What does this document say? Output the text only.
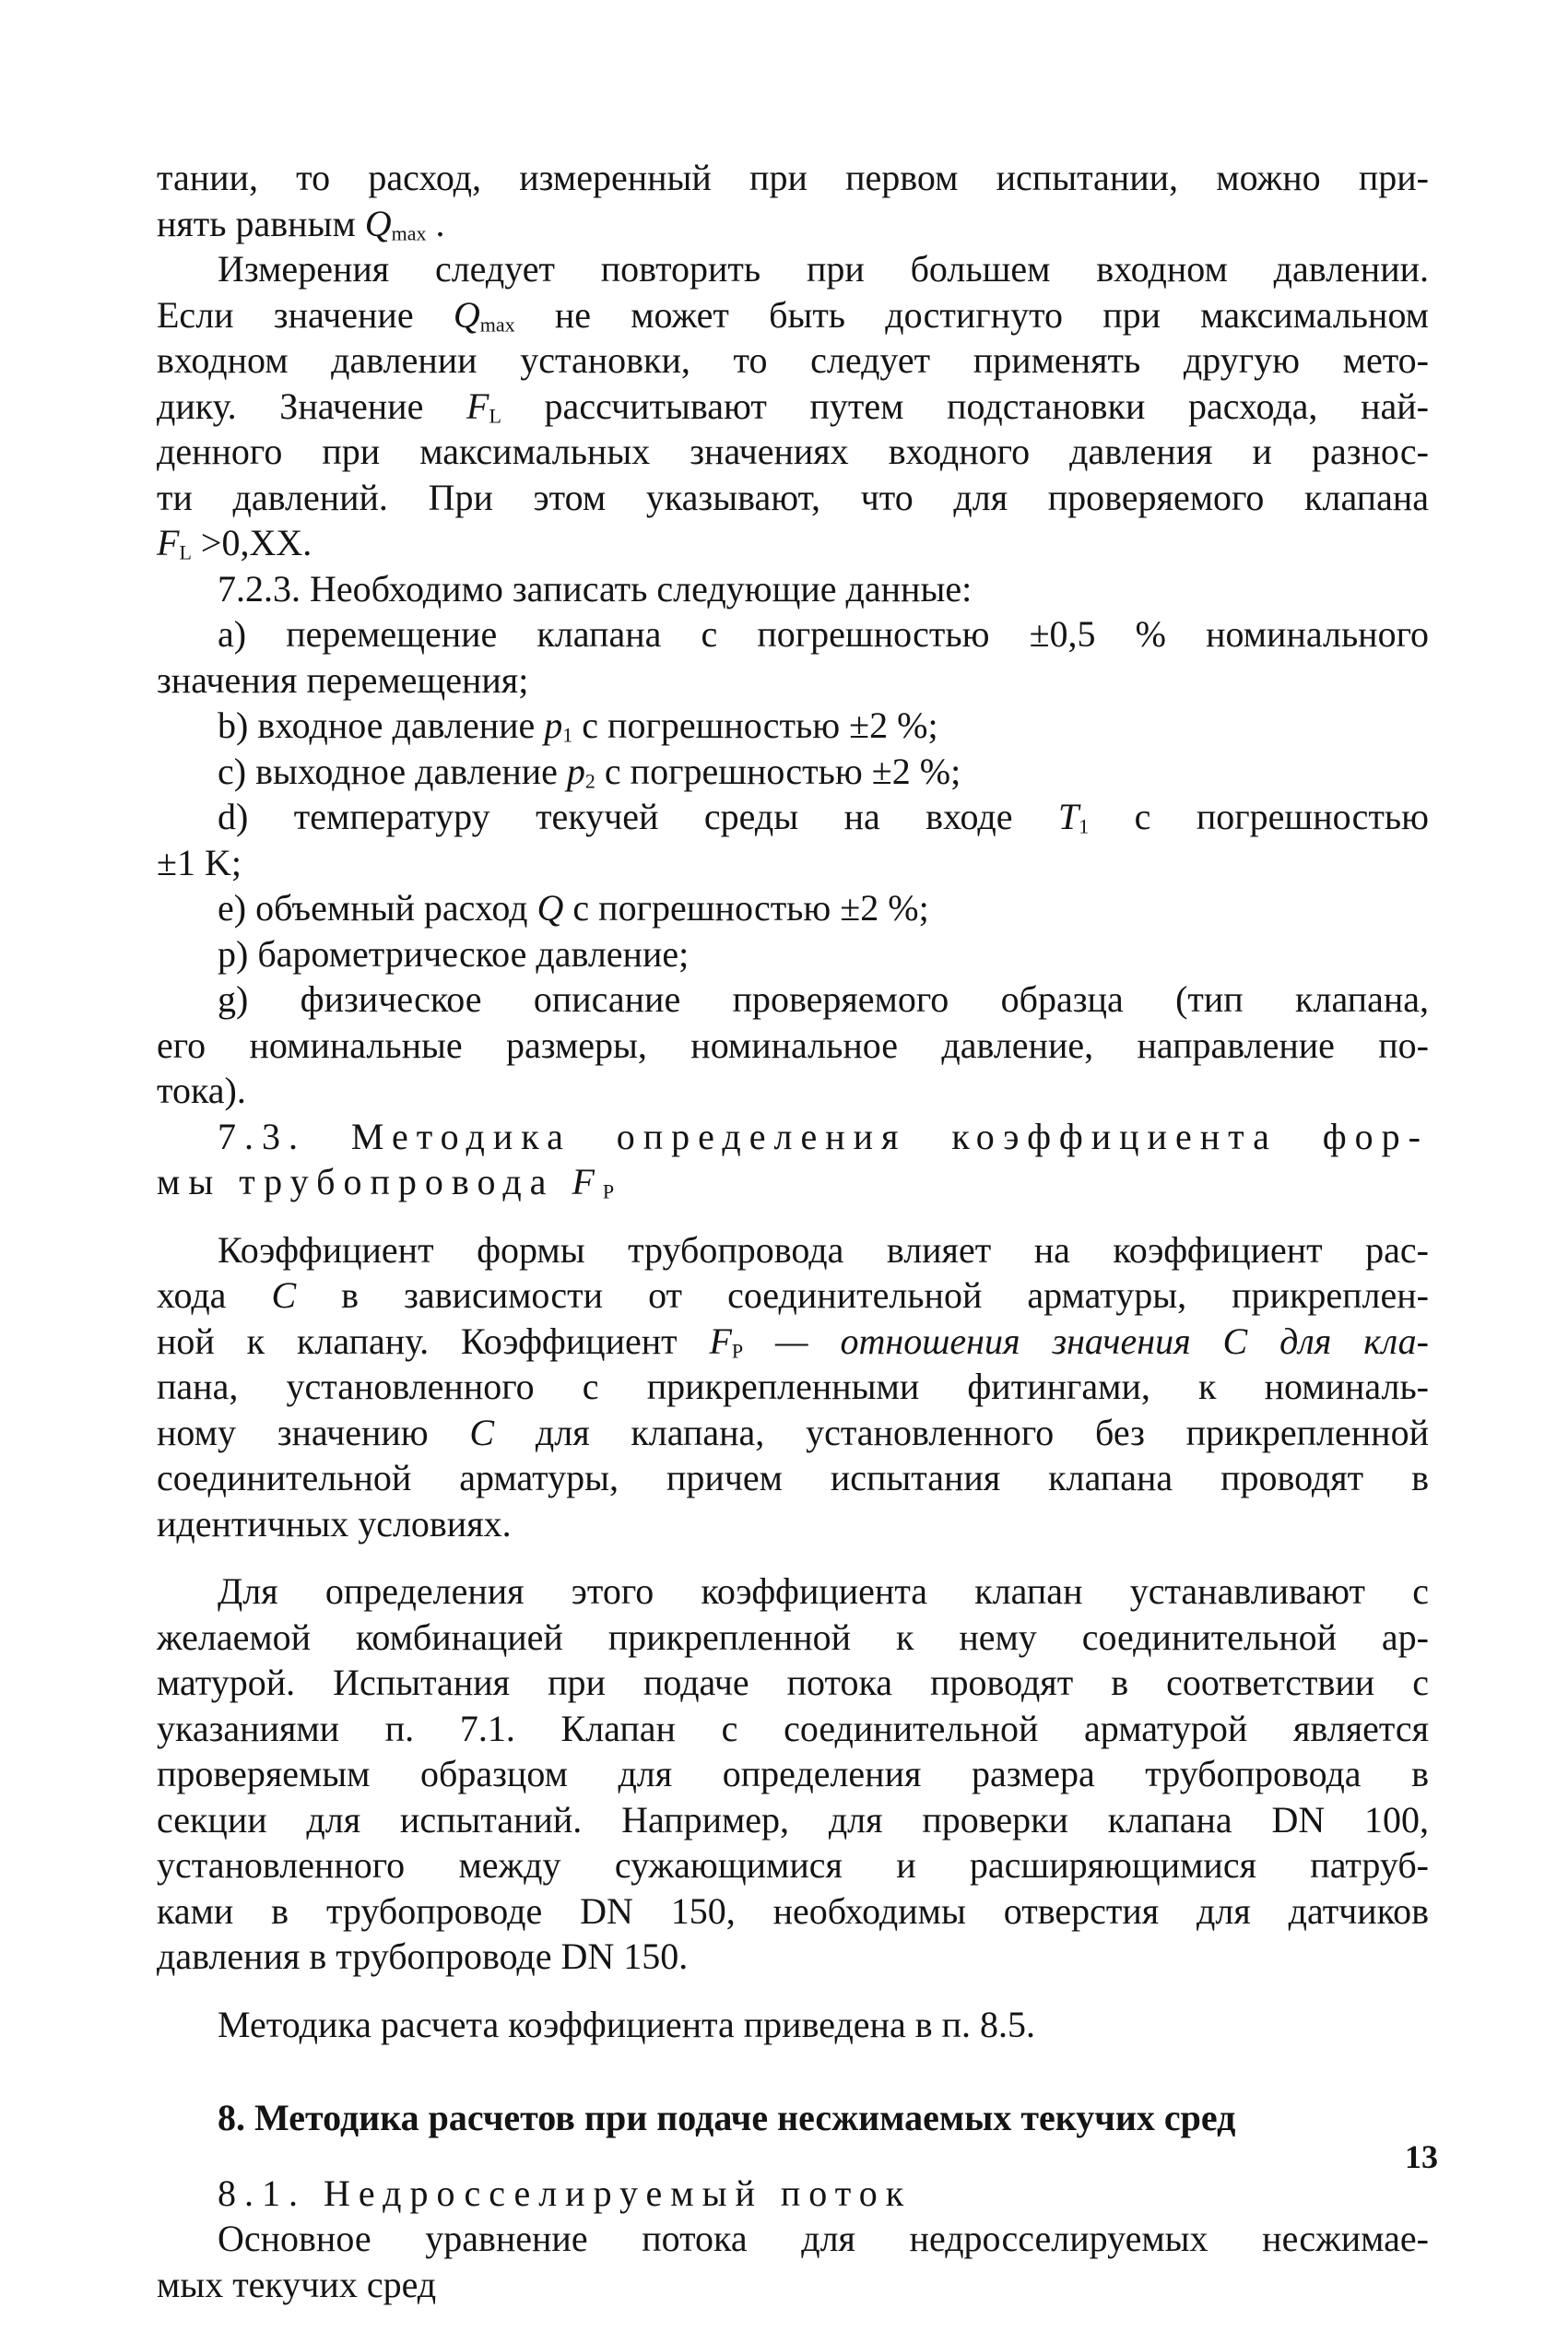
тании, то расход, измеренный при первом испытании, можно при-

нять равным $Q_{max}$ .

Измерения следует повторить при большем входном давлении.

Если значение $Q_{max}$ не может быть достигнуто при максимальном

входном давлении установки, то следует применять другую мето-

дику. Значение $F_L$ рассчитывают путем подстановки расхода, най-

денного при максимальных значениях входного давления и разнос-

ти давлений. При этом указывают, что для проверяемого клапана

$F_L >0,XX$.

7.2.3. Необходимо записать следующие данные:

а) перемещение клапана с погрешностью ±0,5 % номинального

значения перемещения;

b) входное давление $p_1$ с погрешностью ±2 %;

с) выходное давление $p_2$ с погрешностью ±2 %;

d) температуру текучей среды на входе $T_1$ с погрешностью

±1 K;

е) объемный расход Q с погрешностью ±2 %;

р) барометрическое давление;

g) физическое описание проверяемого образца (тип клапана,

его номинальные размеры, номинальное давление, направление по-

тока).

7.3. Методика определения коэффициента фор-

мы трубопровода $F_P$

Коэффициент формы трубопровода влияет на коэффициент рас-

хода C в зависимости от соединительной арматуры, прикреплен-

ной к клапану. Коэффициент $F_P$ — отношения значения C для кла-

пана, установленного с прикрепленными фитингами, к номиналь-

ному значению C для клапана, установленного без прикрепленной

соединительной арматуры, причем испытания клапана проводят в

идентичных условиях.

Для определения этого коэффициента клапан устанавливают с

желаемой комбинацией прикрепленной к нему соединительной ар-

матурой. Испытания при подаче потока проводят в соответствии с

указаниями п. 7.1. Клапан с соединительной арматурой является

проверяемым образцом для определения размера трубопровода в

секции для испытаний. Например, для проверки клапана DN 100,

установленного между сужающимися и расширяющимися патруб-

ками в трубопроводе DN 150, необходимы отверстия для датчиков

давления в трубопроводе DN 150.

Методика расчета коэффициента приведена в п. 8.5.

8. Методика расчетов при подаче несжимаемых текучих сред

8.1. Недросселируемый поток

Основное уравнение потока для недросселируемых несжимае-

мых текучих сред

13
